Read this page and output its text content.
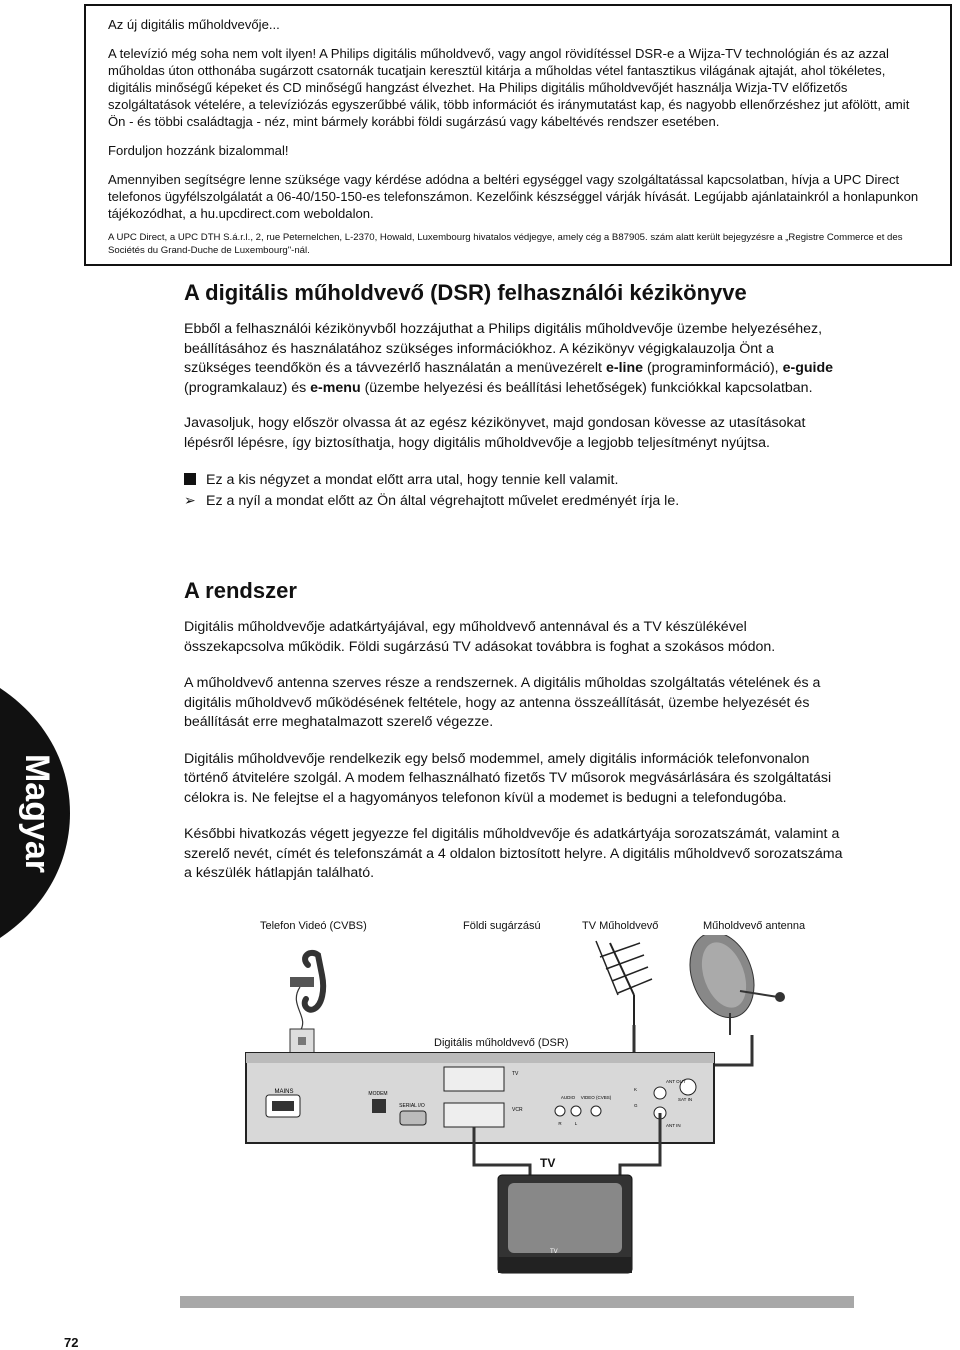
Az új digitális műholdvevője...

A televízió még soha nem volt ilyen! A Philips digitális műholdvevő, vagy angol rövidítéssel DSR-e a Wijza-TV technológián és az azzal műholdas úton otthonába sugárzott csatornák tucatjain keresztül kitárja a műholdas vétel fantasztikus világának ajtaját, ahol tökéletes, digitális minőségű képeket és CD minőségű hangzást élvezhet. Ha Philips digitális műholdvevőjét használja Wizja-TV előfizetős szolgáltatások vételére, a televíziózás egyszerűbbé válik, több információt és iránymutatást kap, és nagyobb ellenőrzéshez jut afölött, amit Ön - és többi családtagja - néz, mint bármely korábbi földi sugárzású vagy kábeltévés rendszer esetében.

Forduljon hozzánk bizalommal!

Amennyiben segítségre lenne szüksége vagy kérdése adódna a beltéri egységgel vagy szolgáltatással kapcsolatban, hívja a UPC Direct telefonos ügyfélszolgálatát a 06-40/150-150-es telefonszámon. Kezelőink készséggel várják hívását. Legújabb ajánlatainkról a honlapunkon tájékozódhat, a hu.upcdirect.com weboldalon.

A UPC Direct, a UPC DTH S.á.r.l., 2, rue Peternelchen, L-2370, Howald, Luxembourg hivatalos védjegye, amely cég a B87905. szám alatt került bejegyzésre a „Registre Commerce et des Sociétés du Grand-Duche de Luxembourg"-nál.

A digitális műholdvevő (DSR) felhasználói kézikönyve

Ebből a felhasználói kézikönyvből hozzájuthat a Philips digitális műholdvevője üzembe helyezéséhez, beállításához és használatához szükséges információkhoz. A kézikönyv végigkalauzolja Önt a szükséges teendőkön és a távvezérlő használatán a menüvezérelt e-line (programinformáció), e-guide (programkalauz) és e-menu (üzembe helyezési és beállítási lehetőségek) funkciókkal kapcsolatban.

Javasoljuk, hogy először olvassa át az egész kézikönyvet, majd gondosan kövesse az utasításokat lépésről lépésre, így biztosíthatja, hogy digitális műholdvevője a legjobb teljesítményt nyújtsa.

Ez a kis négyzet a mondat előtt arra utal, hogy tennie kell valamit.
➢ Ez a nyíl a mondat előtt az Ön által végrehajtott művelet eredményét írja le.
A rendszer

Digitális műholdvevője adatkártyájával, egy műholdvevő antennával és a TV készülékével összekapcsolva működik. Földi sugárzású TV adásokat továbbra is foghat a szokásos módon.

A műholdvevő antenna szerves része a rendszernek. A digitális műholdas szolgáltatás vételének és a digitális műholdvevő működésének feltétele, hogy az antenna összeállítását, üzembe helyezését és beállítását erre meghatalmazott szerelő végezze.

Digitális műholdvevője rendelkezik egy belső modemmel, amely digitális információk telefonvonalon történő átvitelére szolgál. A modem felhasználható fizetős TV műsorok megvásárlására és szolgáltatási célokra is. Ne felejtse el a hagyományos telefonon kívül a modemet is bedugni a telefondugóba.

Későbbi hivatkozás végett jegyezze fel digitális műholdvevője és adatkártyája sorozatszámát, valamint a szerelő nevét, címét és telefonszámát a 4 oldalon biztosított helyre. A digitális műholdvevő sorozatszáma a készülék hátlapján található.

Magyar
Telefon Videó (CVBS)	Földi sugárzású	TV Műholdvevő	Műholdvevő antenna
Digitális műholdvevő (DSR)
TV
MAINS	MODEM
SERIAL I/O
TV
VCR
AUDIO VIDEO (CVBS)
R	L
K
G
ANT OUT
ANT IN
SAT IN
TV
72
